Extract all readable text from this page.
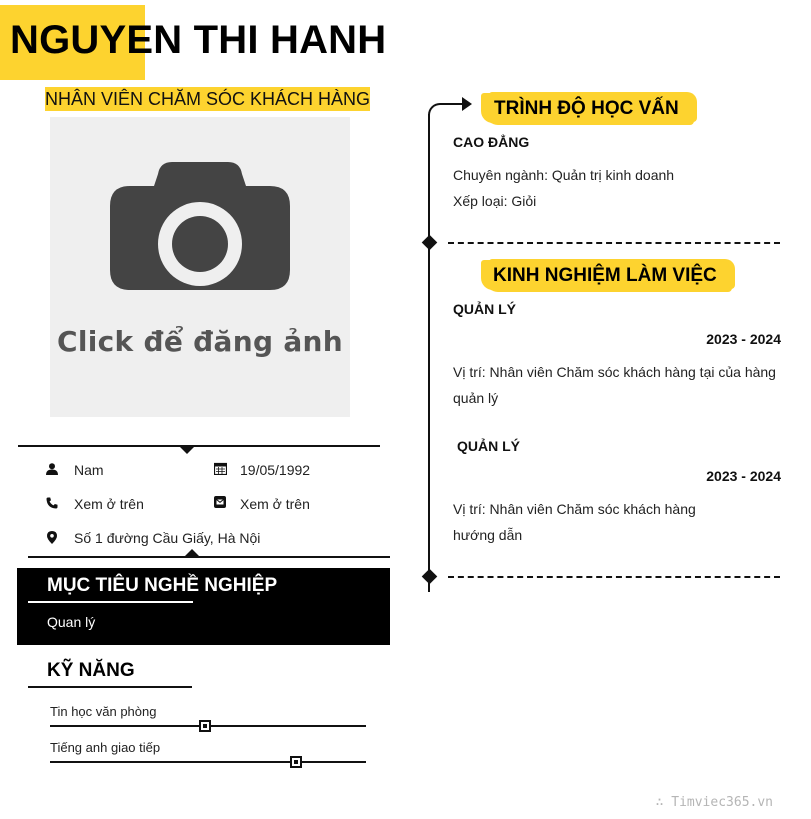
NGUYEN THI HANH
NHÂN VIÊN CHĂM SÓC KHÁCH HÀNG
Click để đăng ảnh
Nam	19/05/1992
Xem ở trên	Xem ở trên
Số 1 đường Cầu Giấy, Hà Nội
MỤC TIÊU NGHỀ NGHIỆP
Quan lý
KỸ NĂNG
Tin học văn phòng
Tiếng anh giao tiếp
TRÌNH ĐỘ HỌC VẤN
CAO ĐẲNG
Chuyên ngành: Quản trị kinh doanh
Xếp loại: Giỏi
KINH NGHIỆM LÀM VIỆC
QUẢN LÝ
2023 - 2024
Vị trí: Nhân viên Chăm sóc khách hàng tại của hàng quản lý
QUẢN LÝ
2023 - 2024
Vị trí: Nhân viên Chăm sóc khách hàng hướng dẫn
∴ Timviec365.vn
